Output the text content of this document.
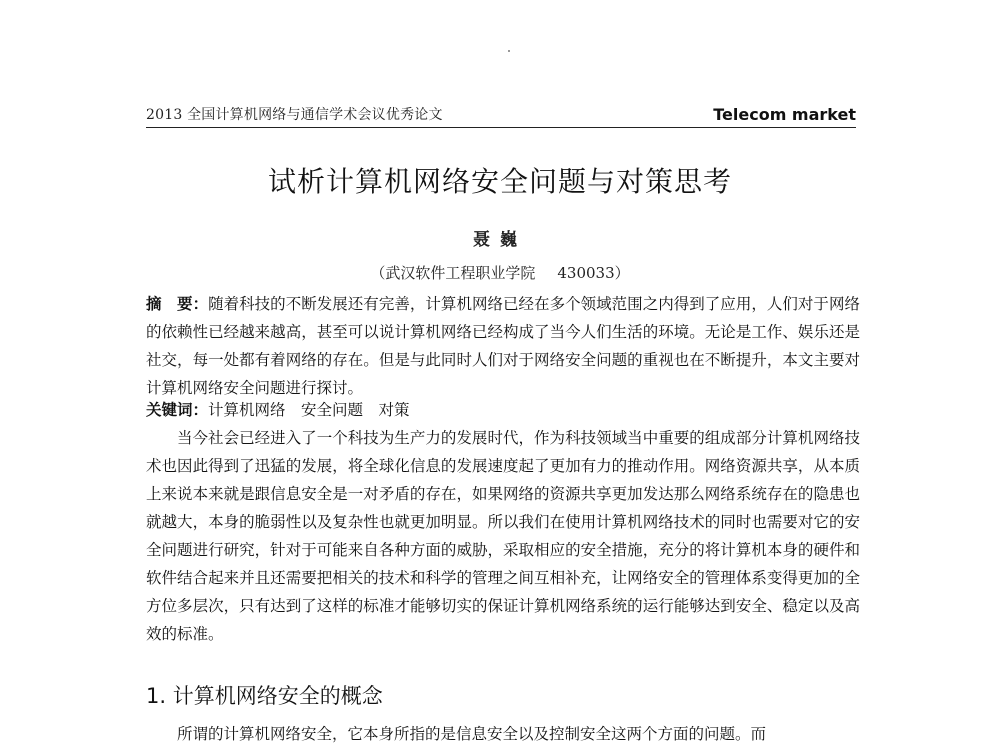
2013 全国计算机网络与通信学术会议优秀论文	Telecom market
试析计算机网络安全问题与对策思考
聂巍
（武汉软件工程职业学院 430033）
摘　要：随着科技的不断发展还有完善，计算机网络已经在多个领域范围之内得到了应用，人们对于网络的依赖性已经越来越高，甚至可以说计算机网络已经构成了当今人们生活的环境。无论是工作、娱乐还是社交，每一处都有着网络的存在。但是与此同时人们对于网络安全问题的重视也在不断提升，本文主要对计算机网络安全问题进行探讨。
关键词：计算机网络　安全问题　对策
当今社会已经进入了一个科技为生产力的发展时代，作为科技领域当中重要的组成部分计算机网络技术也因此得到了迅猛的发展，将全球化信息的发展速度起了更加有力的推动作用。网络资源共享，从本质上来说本来就是跟信息安全是一对矛盾的存在，如果网络的资源共享更加发达那么网络系统存在的隐患也就越大，本身的脆弱性以及复杂性也就更加明显。所以我们在使用计算机网络技术的同时也需要对它的安全问题进行研究，针对于可能来自各种方面的威胁，采取相应的安全措施，充分的将计算机本身的硬件和软件结合起来并且还需要把相关的技术和科学的管理之间互相补充，让网络安全的管理体系变得更加的全方位多层次，只有达到了这样的标准才能够切实的保证计算机网络系统的运行能够达到安全、稳定以及高效的标准。
1. 计算机网络安全的概念
所谓的计算机网络安全，它本身所指的是信息安全以及控制安全这两个方面的问题。而
